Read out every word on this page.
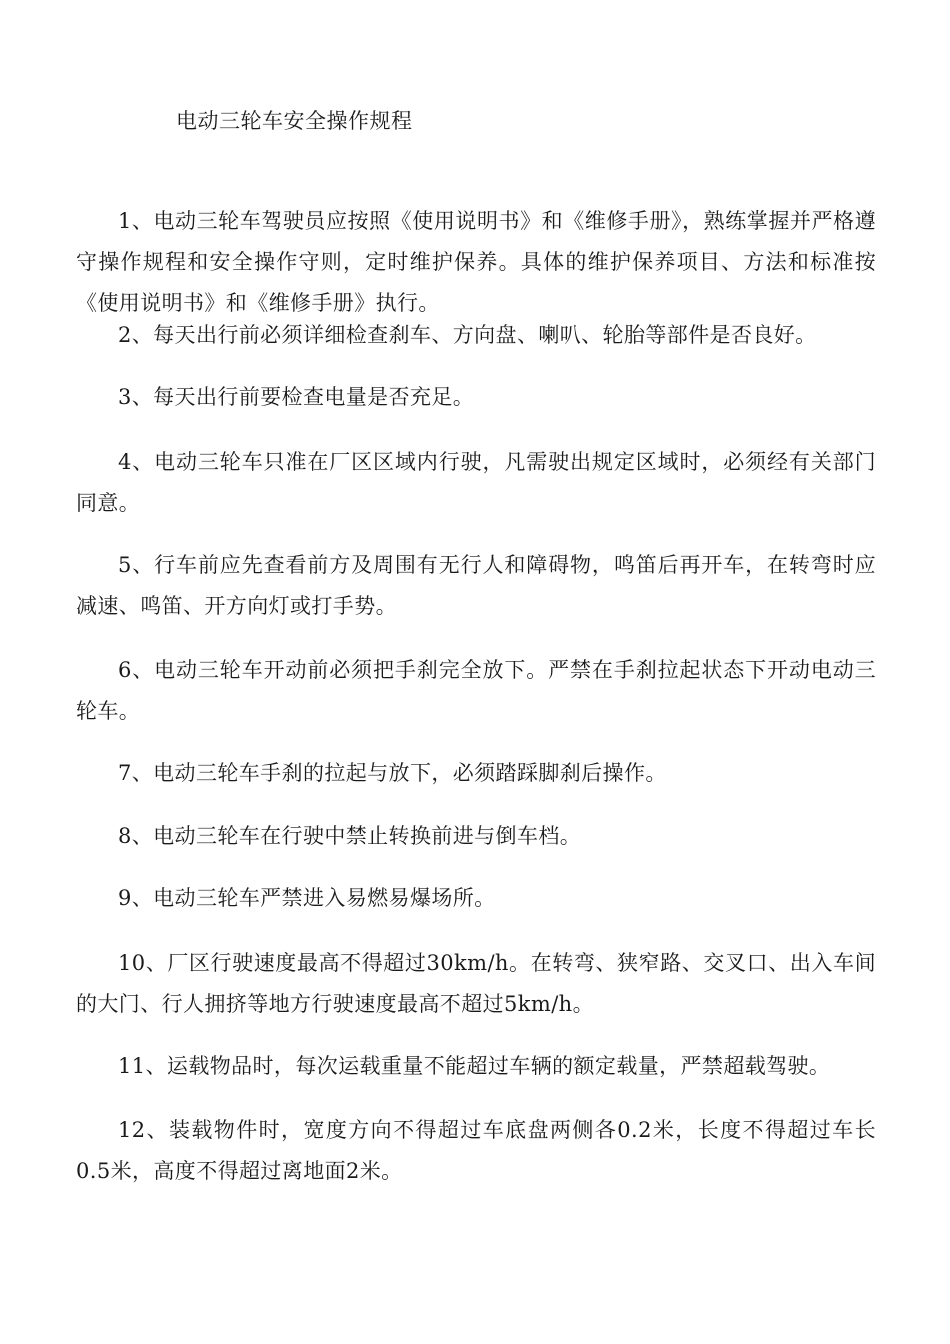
电动三轮车安全操作规程

1、电动三轮车驾驶员应按照《使用说明书》和《维修手册》，熟练掌握并严格遵守操作规程和安全操作守则，定时维护保养。具体的维护保养项目、方法和标准按《使用说明书》和《维修手册》执行。

2、每天出行前必须详细检查刹车、方向盘、喇叭、轮胎等部件是否良好。

3、每天出行前要检查电量是否充足。

4、电动三轮车只准在厂区区域内行驶，凡需驶出规定区域时，必须经有关部门同意。

5、行车前应先查看前方及周围有无行人和障碍物，鸣笛后再开车，在转弯时应减速、鸣笛、开方向灯或打手势。

6、电动三轮车开动前必须把手刹完全放下。严禁在手刹拉起状态下开动电动三轮车。

7、电动三轮车手刹的拉起与放下，必须踏踩脚刹后操作。

8、电动三轮车在行驶中禁止转换前进与倒车档。

9、电动三轮车严禁进入易燃易爆场所。

10、厂区行驶速度最高不得超过30km/h。在转弯、狭窄路、交叉口、出入车间的大门、行人拥挤等地方行驶速度最高不超过5km/h。

11、运载物品时，每次运载重量不能超过车辆的额定载量，严禁超载驾驶。

12、装载物件时，宽度方向不得超过车底盘两侧各0.2米，长度不得超过车长0.5米，高度不得超过离地面2米。
